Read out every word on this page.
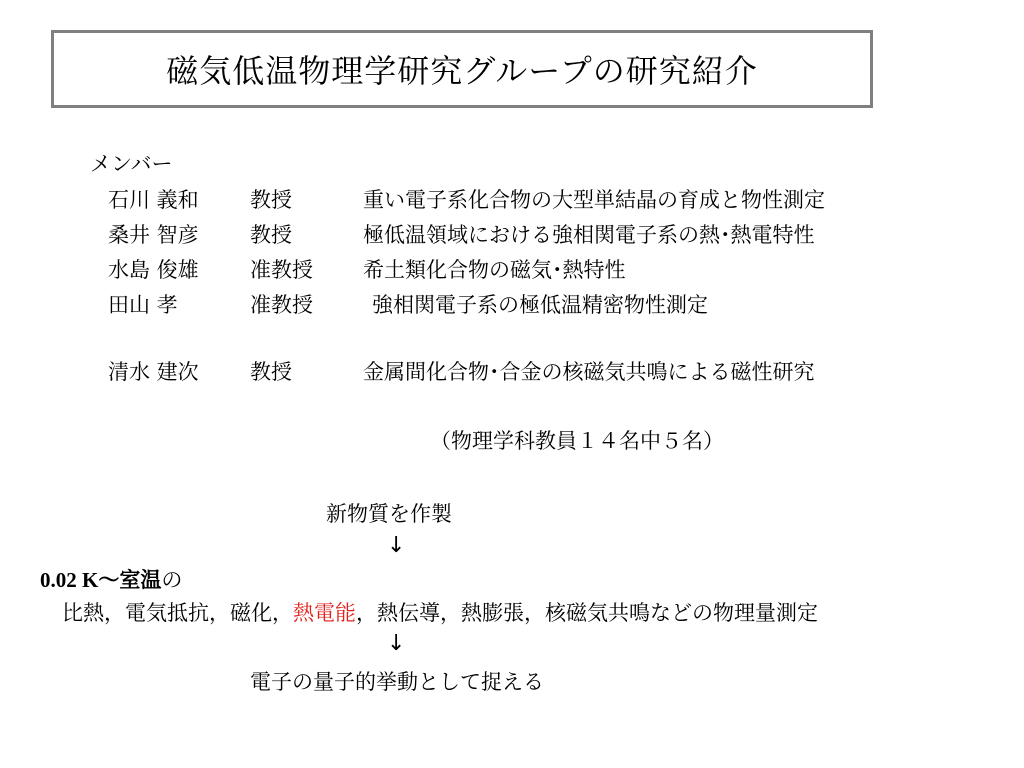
磁気低温物理学研究グループの研究紹介
メンバー
石川 義和 教授	重い電子系化合物の大型単結晶の育成と物性測定
桑井 智彦 教授	極低温領域における強相関電子系の熱･熱電特性
水島 俊雄 准教授 希土類化合物の磁気･熱特性
田山 孝	准教授	強相関電子系の極低温精密物性測定
清水 建次 教授	金属間化合物･合金の核磁気共鳴による磁性研究
（物理学科教員１４名中５名）
新物質を作製
↓
0.02 K〜室温の
比熱，電気抵抗，磁化，熱電能，熱伝導，熱膨張，核磁気共鳴などの物理量測定
↓
電子の量子的挙動として捉える
